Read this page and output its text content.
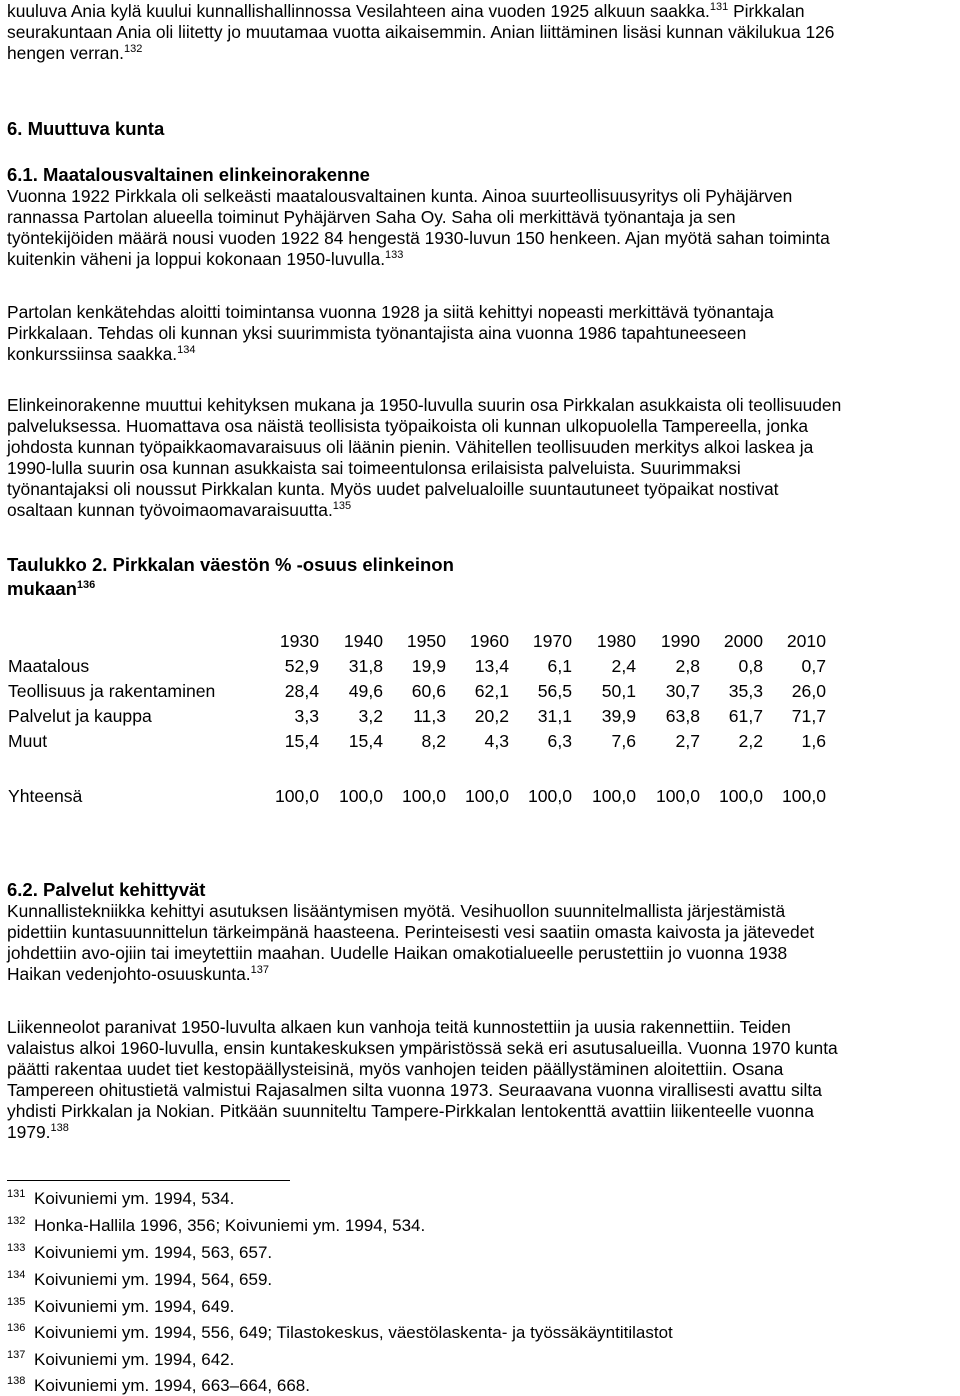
kuuluva Ania kylä kuului kunnallishallinnossa Vesilahteen aina vuoden 1925 alkuun saakka.$^{131}$ Pirkkalan

seurakuntaan Ania oli liitetty jo muutamaa vuotta aikaisemmin. Anian liittäminen lisäsi kunnan väkilukua 126

hengen verran.$^{132}$

6. Muuttuva kunta

6.1. Maatalousvaltainen elinkeinorakenne

Vuonna 1922 Pirkkala oli selkeästi maatalousvaltainen kunta. Ainoa suurteollisuusyritys oli Pyhäjärven

rannassa Partolan alueella toiminut Pyhäjärven Saha Oy. Saha oli merkittävä työnantaja ja sen

työntekijöiden määrä nousi vuoden 1922 84 hengestä 1930-luvun 150 henkeen. Ajan myötä sahan toiminta

kuitenkin väheni ja loppui kokonaan 1950-luvulla.$^{133}$

Partolan kenkätehdas aloitti toimintansa vuonna 1928 ja siitä kehittyi nopeasti merkittävä työnantaja

Pirkkalaan. Tehdas oli kunnan yksi suurimmista työnantajista aina vuonna 1986 tapahtuneeseen

konkurssiinsa saakka.$^{134}$

Elinkeinorakenne muuttui kehityksen mukana ja 1950-luvulla suurin osa Pirkkalan asukkaista oli teollisuuden

palveluksessa. Huomattava osa näistä teollisista työpaikoista oli kunnan ulkopuolella Tampereella, jonka

johdosta kunnan työpaikkaomavaraisuus oli läänin pienin. Vähitellen teollisuuden merkitys alkoi laskea ja

1990-lulla suurin osa kunnan asukkaista sai toimeentulonsa erilaisista palveluista. Suurimmaksi

työnantajaksi oli noussut Pirkkalan kunta. Myös uudet palvelualoille suuntautuneet työpaikat nostivat

osaltaan kunnan työvoimaomavaraisuutta.$^{135}$

Taulukko 2. Pirkkalan väestön % -osuus elinkeinon

mukaan$^{136}$

	1930	1940	1950	1960	1970	1980	1990	2000	2010
Maatalous	52,9	31,8	19,9	13,4	6,1	2,4	2,8	0,8	0,7
Teollisuus ja rakentaminen	28,4	49,6	60,6	62,1	56,5	50,1	30,7	35,3	26,0
Palvelut ja kauppa	3,3	3,2	11,3	20,2	31,1	39,9	63,8	61,7	71,7
Muut	15,4	15,4	8,2	4,3	6,3	7,6	2,7	2,2	1,6

Yhteensä	100,0	100,0	100,0	100,0	100,0	100,0	100,0	100,0	100,0

6.2. Palvelut kehittyvät

Kunnallistekniikka kehittyi asutuksen lisääntymisen myötä. Vesihuollon suunnitelmallista järjestämistä

pidettiin kuntasuunnittelun tärkeimpänä haasteena. Perinteisesti vesi saatiin omasta kaivosta ja jätevedet

johdettiin avo-ojiin tai imeytettiin maahan. Uudelle Haikan omakotialueelle perustettiin jo vuonna 1938

Haikan vedenjohto-osuuskunta.$^{137}$

Liikenneolot paranivat 1950-luvulta alkaen kun vanhoja teitä kunnostettiin ja uusia rakennettiin. Teiden

valaistus alkoi 1960-luvulla, ensin kuntakeskuksen ympäristössä sekä eri asutusalueilla. Vuonna 1970 kunta

päätti rakentaa uudet tiet kestopäällysteisinä, myös vanhojen teiden päällystäminen aloitettiin. Osana

Tampereen ohitustietä valmistui Rajasalmen silta vuonna 1973. Seuraavana vuonna virallisesti avattu silta

yhdisti Pirkkalan ja Nokian. Pitkään suunniteltu Tampere-Pirkkalan lentokenttä avattiin liikenteelle vuonna

1979.$^{138}$

131 Koivuniemi ym. 1994, 534.
132 Honka-Hallila 1996, 356; Koivuniemi ym. 1994, 534.
133 Koivuniemi ym. 1994, 563, 657.
134 Koivuniemi ym. 1994, 564, 659.
135 Koivuniemi ym. 1994, 649.
136 Koivuniemi ym. 1994, 556, 649; Tilastokeskus, väestölaskenta- ja työssäkäyntitilastot
137 Koivuniemi ym. 1994, 642.
138 Koivuniemi ym. 1994, 663–664, 668.
